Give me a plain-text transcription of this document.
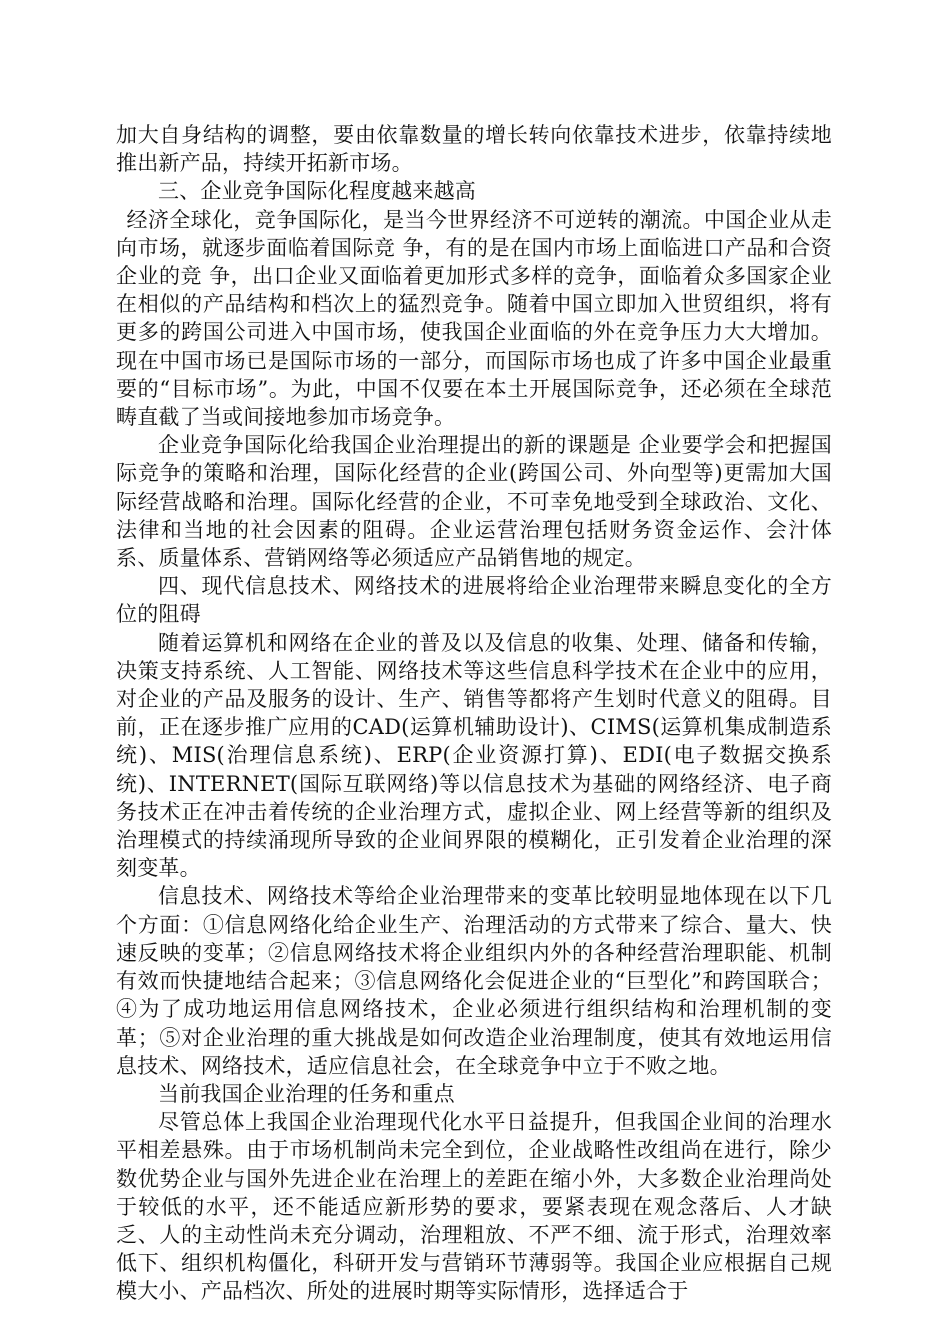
加大自身结构的调整，要由依靠数量的增长转向依靠技术进步，依靠持续地推出新产品，持续开拓新市场。

三、企业竞争国际化程度越来越高

经济全球化，竞争国际化，是当今世界经济不可逆转的潮流。中国企业从走向市场，就逐步面临着国际竞 争，有的是在国内市场上面临进口产品和合资企业的竞 争，出口企业又面临着更加形式多样的竞争，面临着众多国家企业在相似的产品结构和档次上的猛烈竞争。随着中国立即加入世贸组织，将有更多的跨国公司进入中国市场，使我国企业面临的外在竞争压力大大增加。现在中国市场已是国际市场的一部分，而国际市场也成了许多中国企业最重要的“目标市场”。为此，中国不仅要在本土开展国际竞争，还必须在全球范畴直截了当或间接地参加市场竞争。

企业竞争国际化给我国企业治理提出的新的课题是 企业要学会和把握国际竞争的策略和治理，国际化经营的企业(跨国公司、外向型等)更需加大国际经营战略和治理。国际化经营的企业，不可幸免地受到全球政治、文化、法律和当地的社会因素的阻碍。企业运营治理包括财务资金运作、会汁体系、质量体系、营销网络等必须适应产品销售地的规定。

四、现代信息技术、网络技术的进展将给企业治理带来瞬息变化的全方位的阻碍

随着运算机和网络在企业的普及以及信息的收集、处理、储备和传输，决策支持系统、人工智能、网络技术等这些信息科学技术在企业中的应用，对企业的产品及服务的设计、生产、销售等都将产生划时代意义的阻碍。目前，正在逐步推广应用的CAD(运算机辅助设计)、CIMS(运算机集成制造系统)、MIS(治理信息系统)、ERP(企业资源打算)、EDI(电子数据交换系统)、INTERNET(国际互联网络)等以信息技术为基础的网络经济、电子商务技术正在冲击着传统的企业治理方式，虚拟企业、网上经营等新的组织及治理模式的持续涌现所导致的企业间界限的模糊化，正引发着企业治理的深刻变革。

信息技术、网络技术等给企业治理带来的变革比较明显地体现在以下几个方面：①信息网络化给企业生产、治理活动的方式带来了综合、量大、快速反映的变革；②信息网络技术将企业组织内外的各种经营治理职能、机制有效而快捷地结合起来；③信息网络化会促进企业的“巨型化”和跨国联合；④为了成功地运用信息网络技术，企业必须进行组织结构和治理机制的变革；⑤对企业治理的重大挑战是如何改造企业治理制度，使其有效地运用信息技术、网络技术，适应信息社会，在全球竞争中立于不败之地。

当前我国企业治理的任务和重点

尽管总体上我国企业治理现代化水平日益提升，但我国企业间的治理水平相差悬殊。由于市场机制尚未完全到位，企业战略性改组尚在进行，除少数优势企业与国外先进企业在治理上的差距在缩小外，大多数企业治理尚处于较低的水平，还不能适应新形势的要求，要紧表现在观念落后、人才缺乏、人的主动性尚未充分调动，治理粗放、不严不细、流于形式，治理效率低下、组织机构僵化，科研开发与营销环节薄弱等。我国企业应根据自己规模大小、产品档次、所处的进展时期等实际情形，选择适合于
